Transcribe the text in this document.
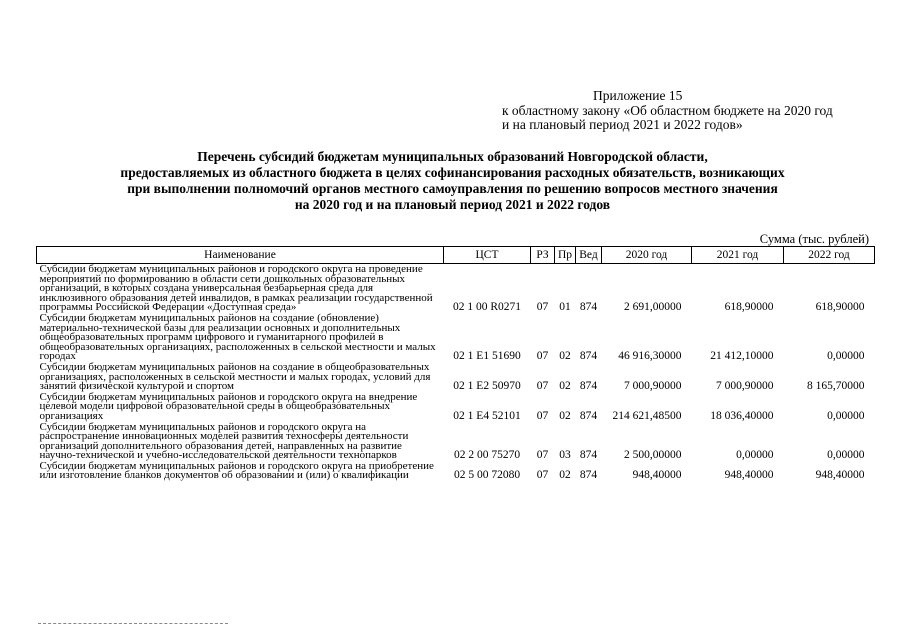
Приложение 15
к областному закону «Об областном бюджете на 2020 год
и на плановый период 2021 и 2022 годов»
Перечень субсидий бюджетам муниципальных образований Новгородской области,
предоставляемых из областного бюджета в целях софинансирования расходных обязательств, возникающих
при выполнении полномочий органов местного самоуправления по решению вопросов местного значения
на 2020 год и на плановый период 2021 и 2022 годов
Сумма (тыс. рублей)
Наименование	ЦСТ	РЗ	Пр	Вед	2020 год	2021 год	2022 год
Субсидии бюджетам муниципальных районов и городского округа на проведение мероприятий по формированию в области сети дошкольных образовательных организаций, в которых создана универсальная безбарьерная среда для инклюзивного образования детей инвалидов, в рамках реализации государственной программы Российской Федерации «Доступная среда»	02 1 00 R0271	07	01	874	2 691,00000	618,90000	618,90000
Субсидии бюджетам муниципальных районов на создание (обновление) материально-технической базы для реализации основных и дополнительных общеобразовательных программ цифрового и гуманитарного профилей в общеобразовательных организациях, расположенных в сельской местности и малых городах	02 1 E1 51690	07	02	874	46 916,30000	21 412,10000	0,00000
Субсидии бюджетам муниципальных районов на создание в общеобразовательных организациях, расположенных в сельской местности и малых городах, условий для занятий физической культурой и спортом	02 1 E2 50970	07	02	874	7 000,90000	7 000,90000	8 165,70000
Субсидии бюджетам муниципальных районов и городского округа на внедрение целевой модели цифровой образовательной среды в общеобразовательных организациях	02 1 E4 52101	07	02	874	214 621,48500	18 036,40000	0,00000
Субсидии бюджетам муниципальных районов и городского округа на распространение инновационных моделей развития техносферы деятельности организаций дополнительного образования детей, направленных на развитие научно-технической и учебно-исследовательской деятельности технопарков	02 2 00 75270	07	03	874	2 500,00000	0,00000	0,00000
Субсидии бюджетам муниципальных районов и городского округа на приобретение или изготовление бланков документов об образовании и (или) о квалификации	02 5 00 72080	07	02	874	948,40000	948,40000	948,40000
